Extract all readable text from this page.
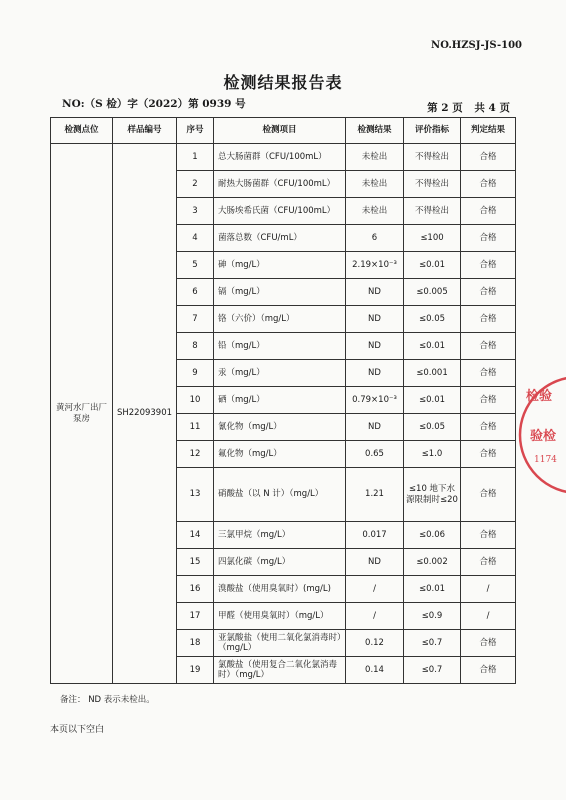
NO.HZSJ-JS-100
检测结果报告表
NO:（S 检）字（2022）第 0939 号	第 2 页 共 4 页
检测点位	样品编号	序号	检测项目	检测结果	评价指标	判定结果
黄河水厂出厂泵房	SH22093901	1	总大肠菌群（CFU/100mL）	未检出	不得检出	合格
		2	耐热大肠菌群（CFU/100mL）	未检出	不得检出	合格
		3	大肠埃希氏菌（CFU/100mL）	未检出	不得检出	合格
		4	菌落总数（CFU/mL）	6	≤100	合格
		5	砷（mg/L）	2.19×10⁻³	≤0.01	合格
		6	镉（mg/L）	ND	≤0.005	合格
		7	铬（六价）（mg/L）	ND	≤0.05	合格
		8	铅（mg/L）	ND	≤0.01	合格
		9	汞（mg/L）	ND	≤0.001	合格
		10	硒（mg/L）	0.79×10⁻³	≤0.01	合格
		11	氰化物（mg/L）	ND	≤0.05	合格
		12	氟化物（mg/L）	0.65	≤1.0	合格
		13	硝酸盐（以 N 计）（mg/L）	1.21	≤10 地下水源限制时≤20	合格
		14	三氯甲烷（mg/L）	0.017	≤0.06	合格
		15	四氯化碳（mg/L）	ND	≤0.002	合格
		16	溴酸盐（使用臭氧时）(mg/L)	/	≤0.01	/
		17	甲醛（使用臭氧时）（mg/L）	/	≤0.9	/
		18	亚氯酸盐（使用二氧化氯消毒时）（mg/L）	0.12	≤0.7	合格
		19	氯酸盐（使用复合二氧化氯消毒时）（mg/L）	0.14	≤0.7	合格
备注： ND 表示未检出。
本页以下空白
检验
验检
1174
